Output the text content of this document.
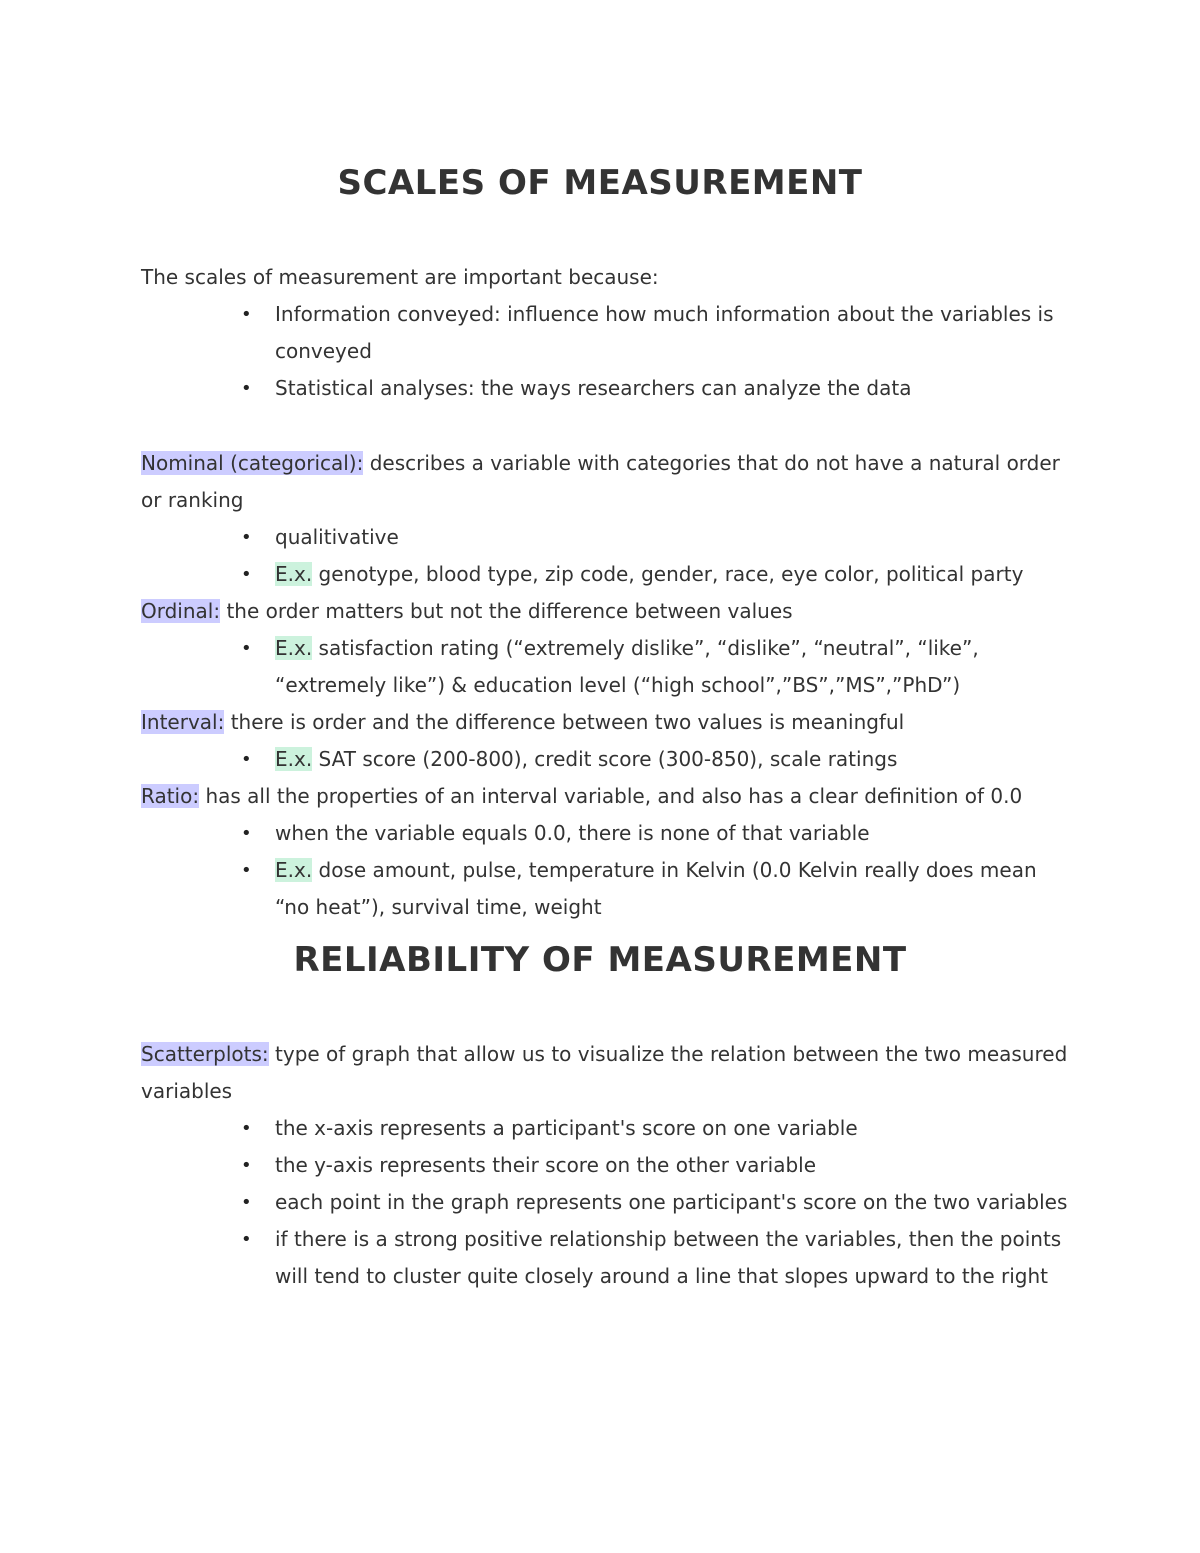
SCALES OF MEASUREMENT

The scales of measurement are important because:

• Information conveyed: influence how much information about the variables is conveyed
• Statistical analyses: the ways researchers can analyze the data

Nominal (categorical): describes a variable with categories that do not have a natural order or ranking

• qualitivative
• E.x. genotype, blood type, zip code, gender, race, eye color, political party

Ordinal: the order matters but not the difference between values

• E.x. satisfaction rating (“extremely dislike”, “dislike”, “neutral”, “like”, “extremely like”) & education level (“high school”,”BS”,”MS”,”PhD”)

Interval: there is order and the difference between two values is meaningful

• E.x. SAT score (200-800), credit score (300-850), scale ratings

Ratio: has all the properties of an interval variable, and also has a clear definition of 0.0

• when the variable equals 0.0, there is none of that variable
• E.x. dose amount, pulse, temperature in Kelvin (0.0 Kelvin really does mean “no heat”), survival time, weight
RELIABILITY OF MEASUREMENT

Scatterplots: type of graph that allow us to visualize the relation between the two measured variables

• the x-axis represents a participant's score on one variable
• the y-axis represents their score on the other variable
• each point in the graph represents one participant's score on the two variables
• if there is a strong positive relationship between the variables, then the points will tend to cluster quite closely around a line that slopes upward to the right
